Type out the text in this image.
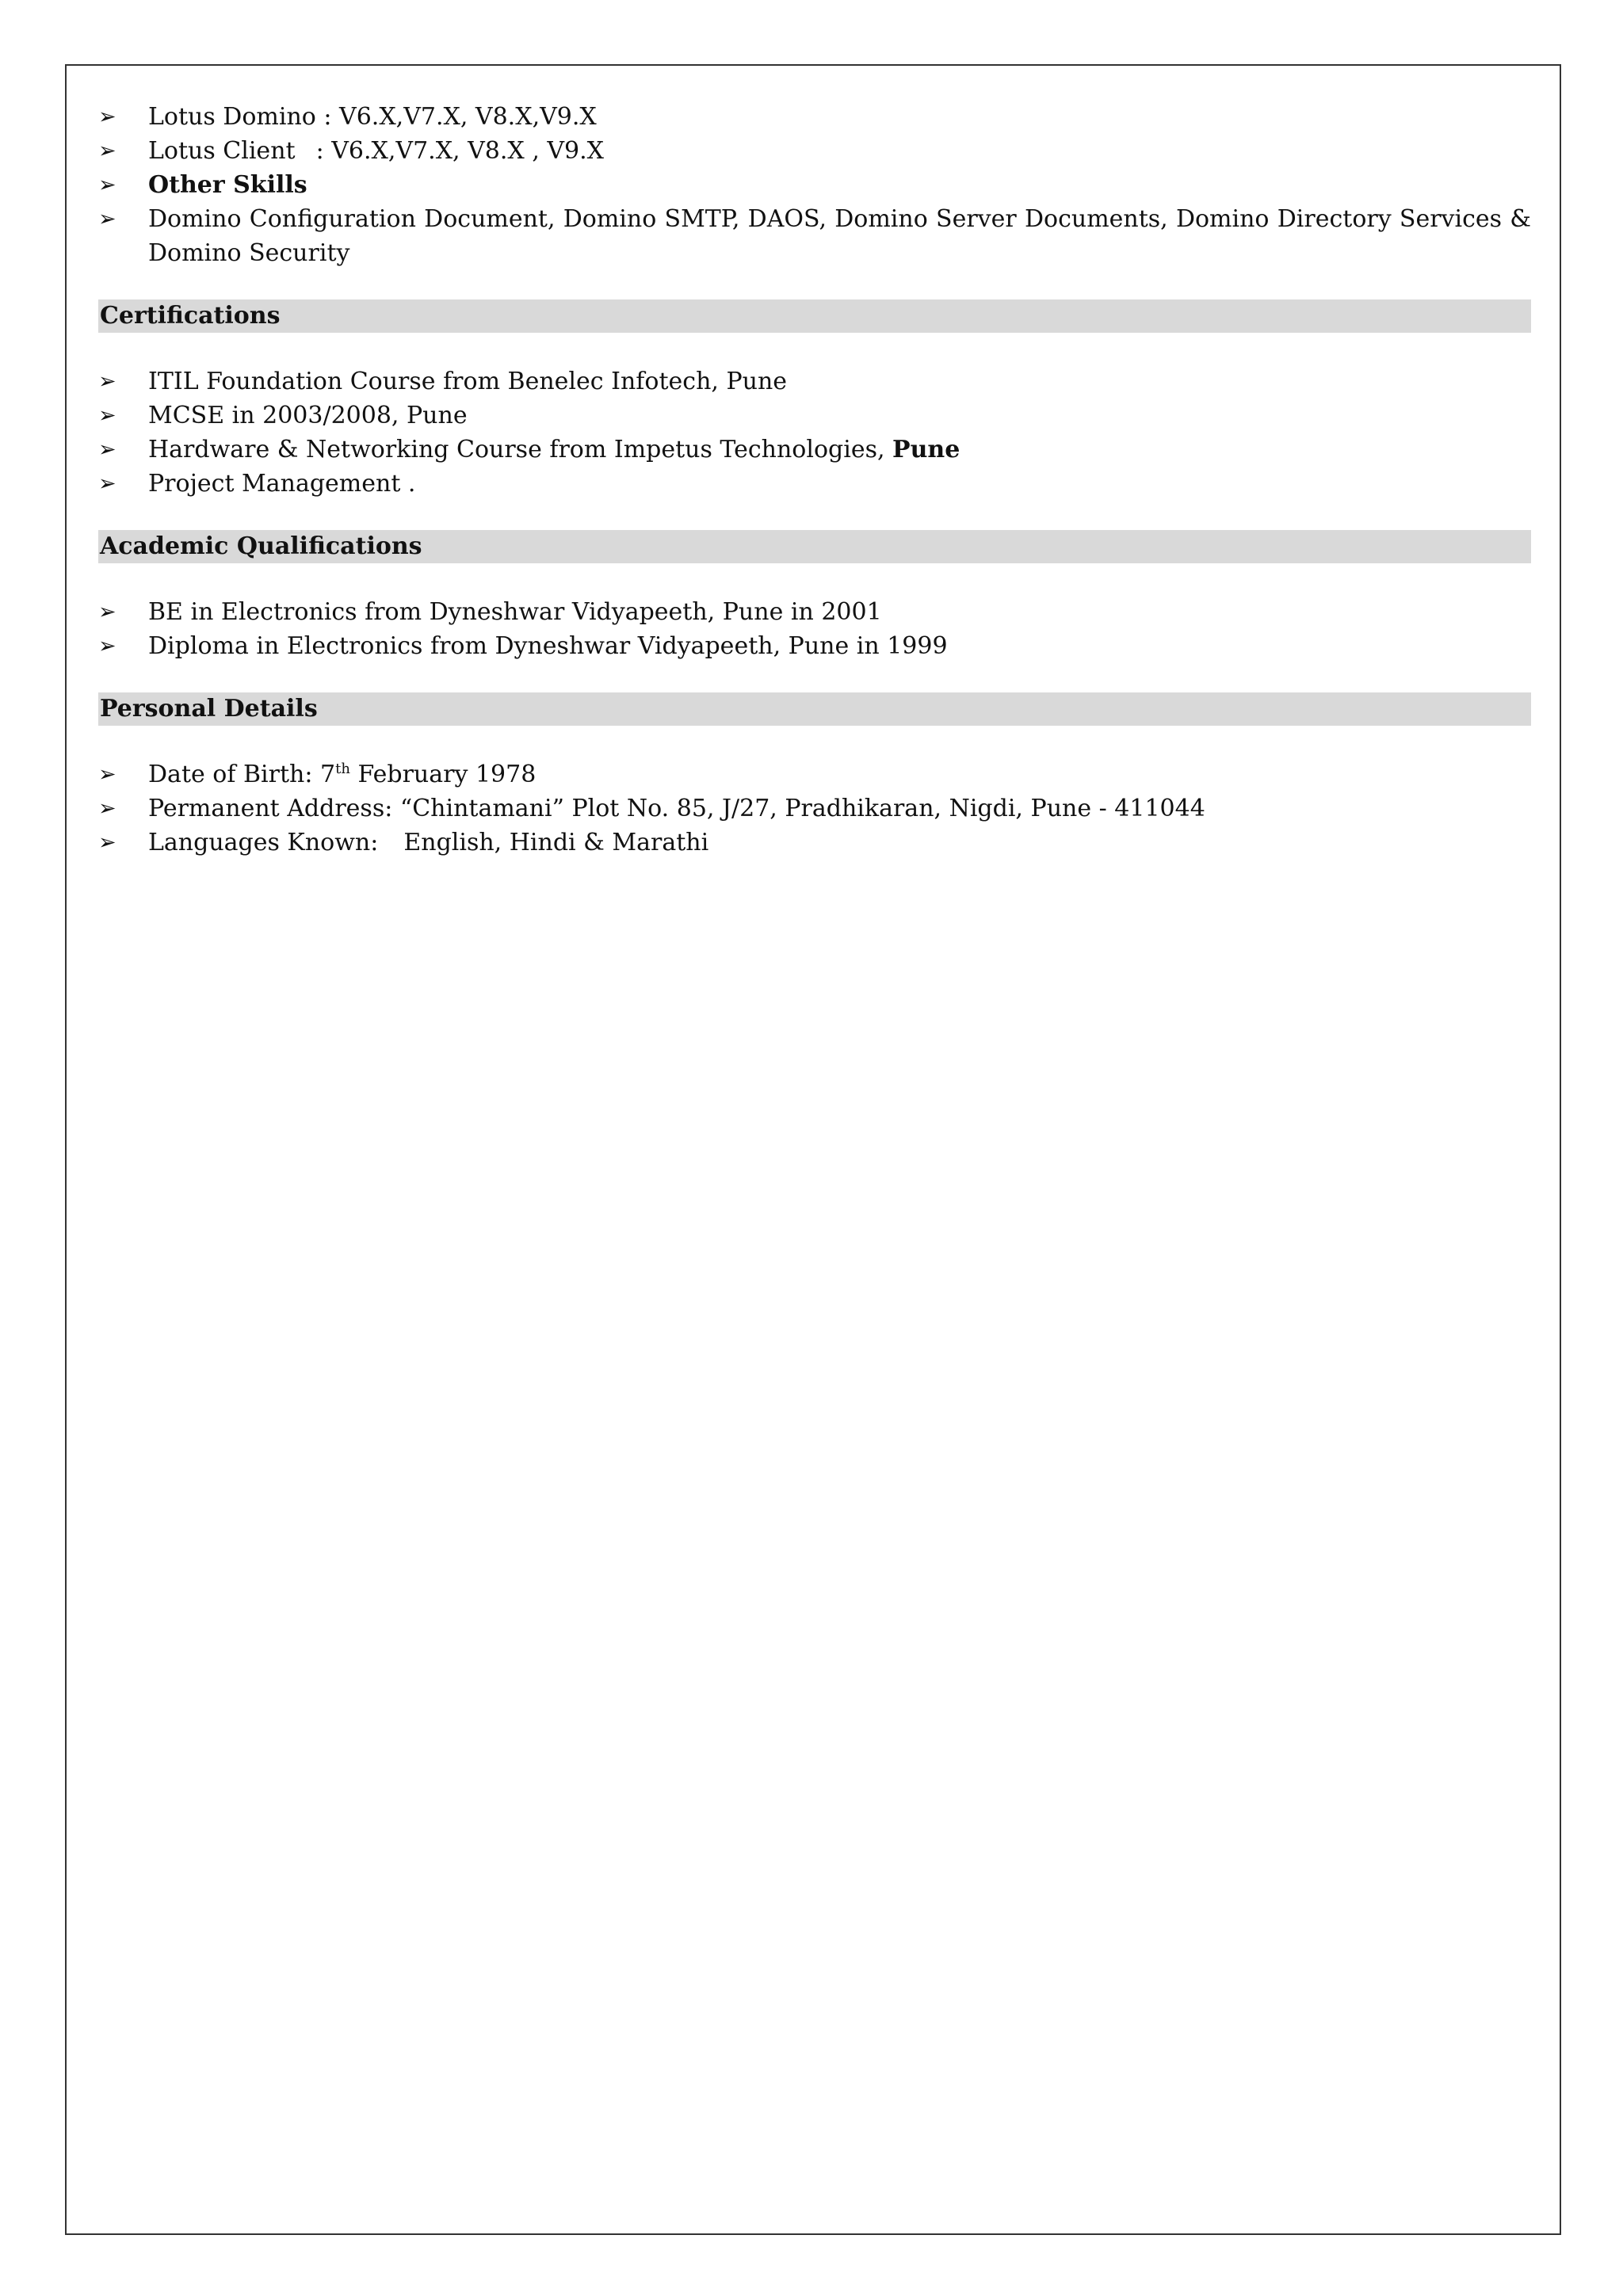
➢	Lotus Domino : V6.X,V7.X, V8.X,V9.X
➢	Lotus Client : V6.X,V7.X, V8.X , V9.X
➢	Other Skills
➢	Domino Configuration Document, Domino SMTP, DAOS, Domino Server Documents, Domino Directory Services & Domino Security
Certifications
➢	ITIL Foundation Course from Benelec Infotech, Pune
➢	MCSE in 2003/2008, Pune
➢	Hardware & Networking Course from Impetus Technologies, Pune
➢	Project Management .
Academic Qualifications
➢	BE in Electronics from Dyneshwar Vidyapeeth, Pune in 2001
➢	Diploma in Electronics from Dyneshwar Vidyapeeth, Pune in 1999
Personal Details
➢	Date of Birth: 7th February 1978
➢	Permanent Address: “Chintamani” Plot No. 85, J/27, Pradhikaran, Nigdi, Pune - 411044
➢	Languages Known: English, Hindi & Marathi
